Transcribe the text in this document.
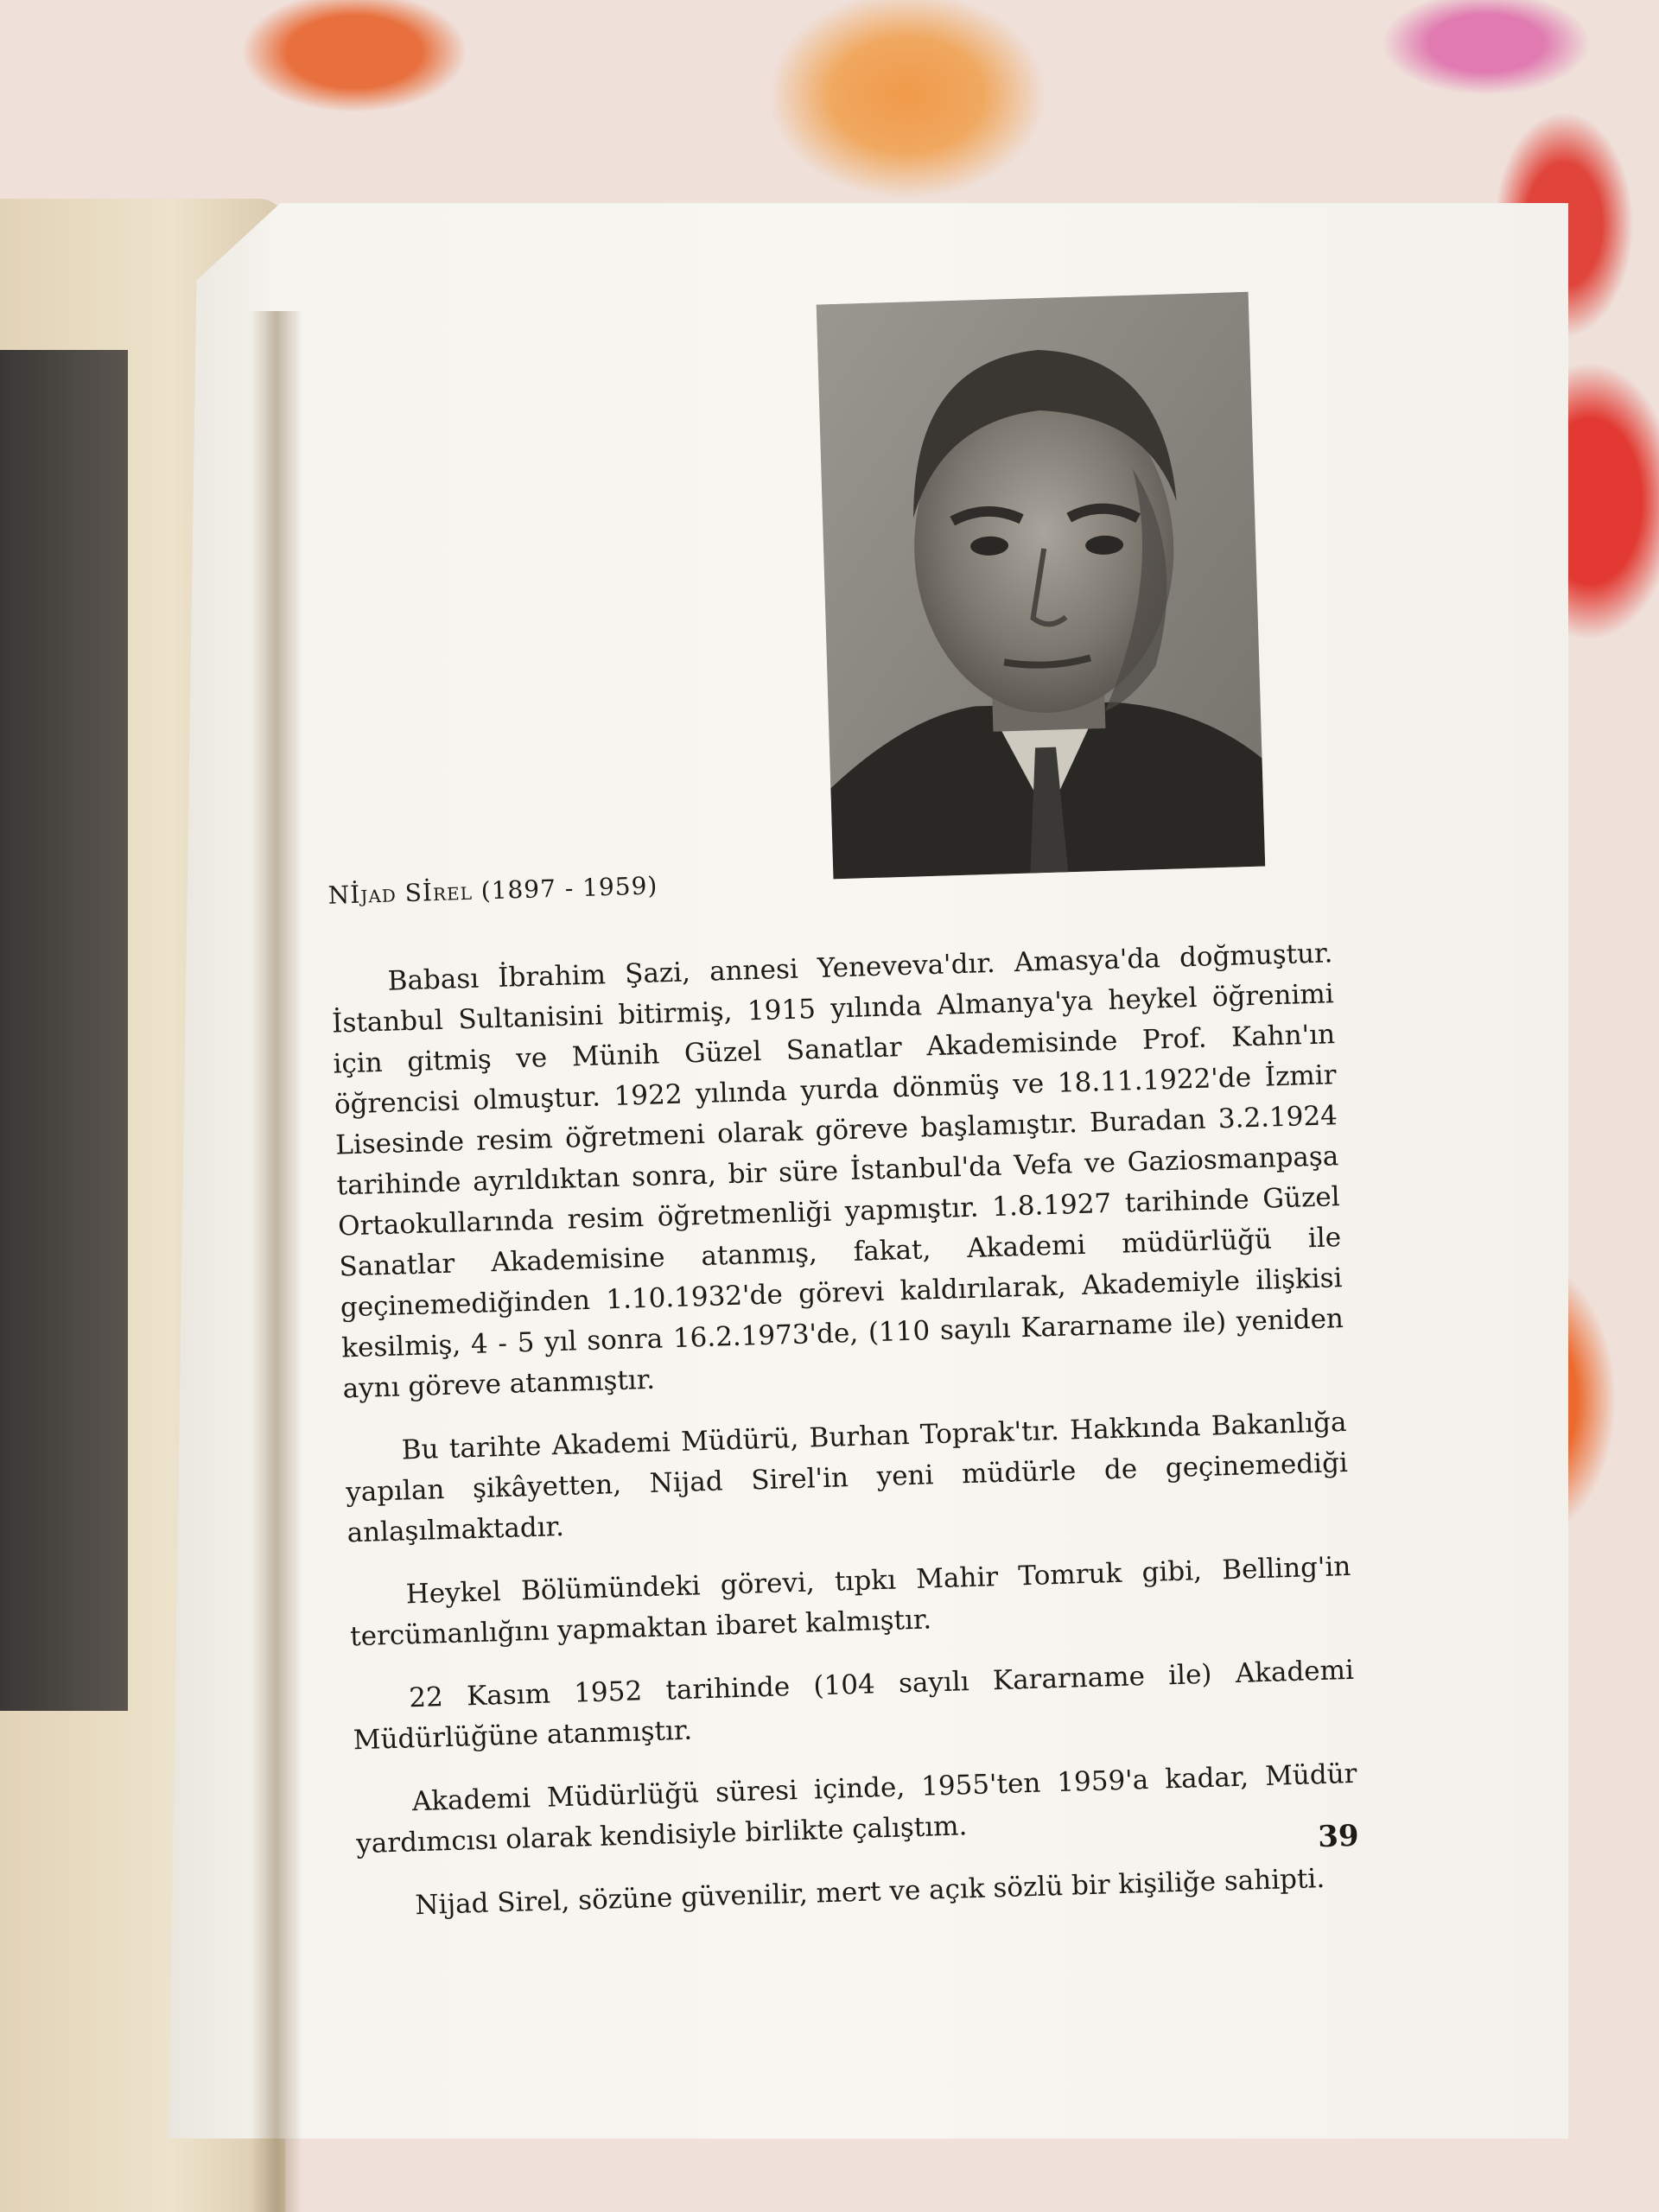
Nİjad Sİrel (1897 - 1959)

Babası İbrahim Şazi, annesi Yeneveva'dır. Amasya'da doğmuştur. İstanbul Sultanisini bitirmiş, 1915 yılında Almanya'ya heykel öğrenimi için gitmiş ve Münih Güzel Sanatlar Akademisinde Prof. Kahn'ın öğrencisi olmuştur. 1922 yılında yurda dönmüş ve 18.11.1922'de İzmir Lisesinde resim öğretmeni olarak göreve başlamıştır. Buradan 3.2.1924 tarihinde ayrıldıktan sonra, bir süre İstanbul'da Vefa ve Gaziosmanpaşa Ortaokullarında resim öğretmenliği yapmıştır. 1.8.1927 tarihinde Güzel Sanatlar Akademisine atanmış, fakat, Akademi müdürlüğü ile geçinemediğinden 1.10.1932'de görevi kaldırılarak, Akademiyle ilişkisi kesilmiş, 4 - 5 yıl sonra 16.2.1973'de, (110 sayılı Kararname ile) yeniden aynı göreve atanmıştır.

Bu tarihte Akademi Müdürü, Burhan Toprak'tır. Hakkında Bakanlığa yapılan şikâyetten, Nijad Sirel'in yeni müdürle de geçinemediği anlaşılmaktadır.

Heykel Bölümündeki görevi, tıpkı Mahir Tomruk gibi, Belling'in tercümanlığını yapmaktan ibaret kalmıştır.

22 Kasım 1952 tarihinde (104 sayılı Kararname ile) Akademi Müdürlüğüne atanmıştır.

Akademi Müdürlüğü süresi içinde, 1955'ten 1959'a kadar, Müdür yardımcısı olarak kendisiyle birlikte çalıştım.

Nijad Sirel, sözüne güvenilir, mert ve açık sözlü bir kişiliğe sahipti.

39
